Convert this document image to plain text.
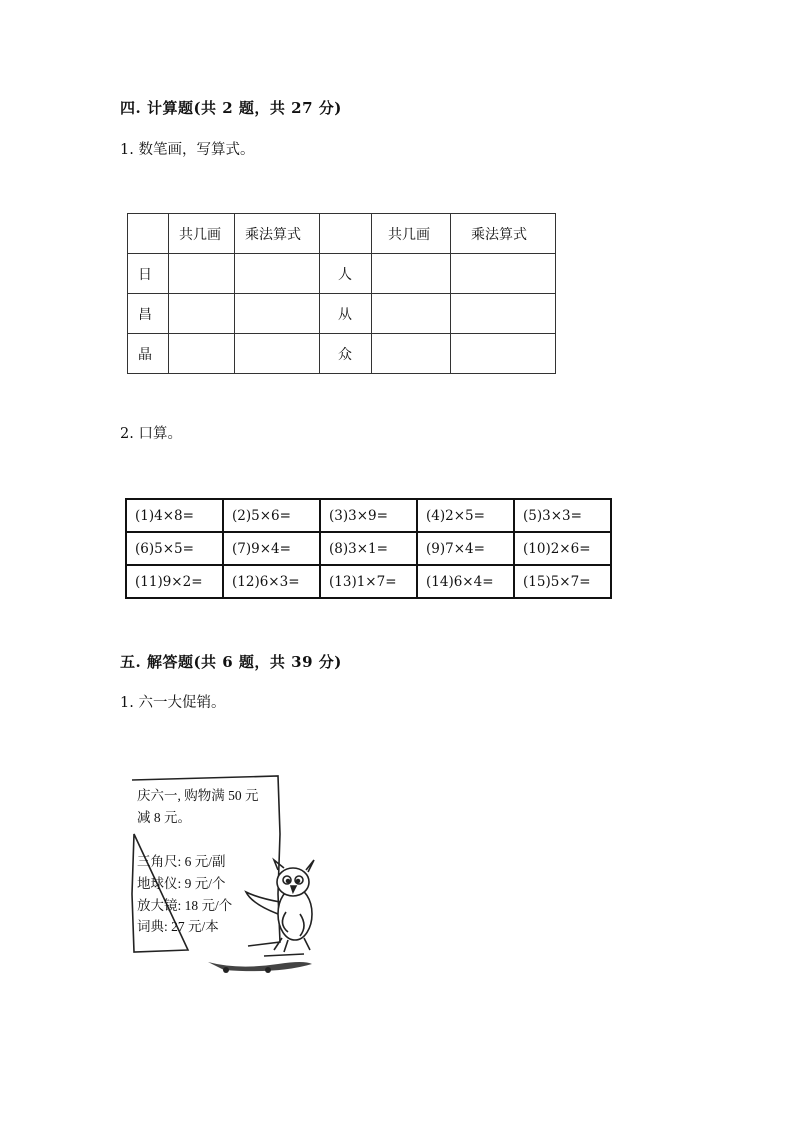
四. 计算题(共 2 题，共 27 分)
1. 数笔画，写算式。

	共几画	乘法算式		共几画	乘法算式

日			人		

昌			从		

晶			众		

2. 口算。
(1)4×8=	(2)5×6=	(3)3×9=	(4)2×5=	(5)3×3=
(6)5×5=	(7)9×4=	(8)3×1=	(9)7×4=	(10)2×6=
(11)9×2=	(12)6×3=	(13)1×7=	(14)6×4=	(15)5×7=
五. 解答题(共 6 题，共 39 分)
1. 六一大促销。
庆六一, 购物满 50 元
减 8 元。
三角尺: 6 元/副
地球仪: 9 元/个
放大镜: 18 元/个
词典: 27 元/本
